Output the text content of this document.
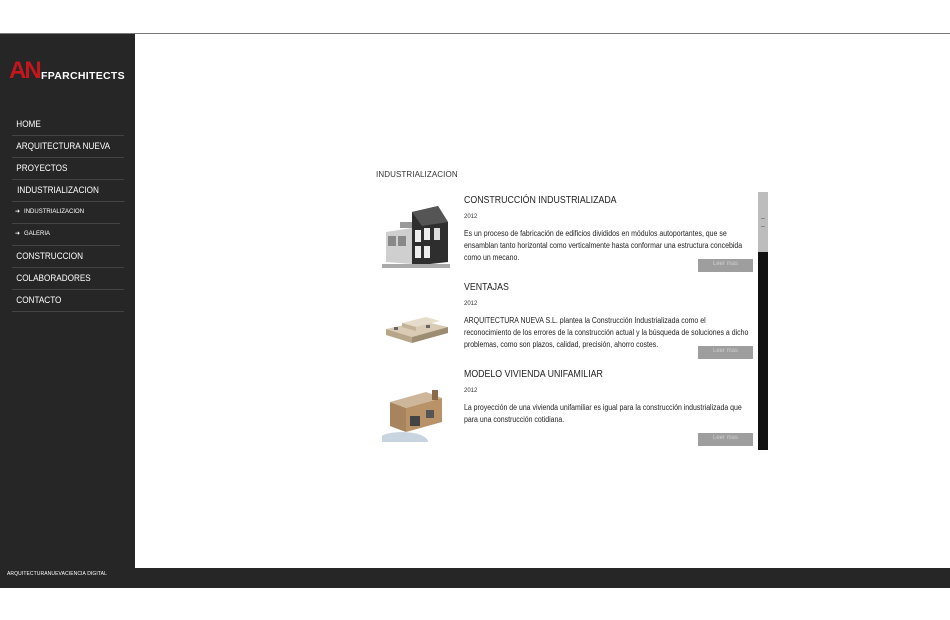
AN FPARCHITECTS
HOME
ARQUITECTURA NUEVA
PROYECTOS
INDUSTRIALIZACION
➜ INDUSTRIALIZACION
➜ GALERIA
CONSTRUCCION
COLABORADORES
CONTACTO
INDUSTRIALIZACION
CONSTRUCCIÓN INDUSTRIALIZADA
2012
Es un proceso de fabricación de edificios divididos en módulos autoportantes, que se ensamblan tanto horizontal como verticalmente hasta conformar una estructura concebida como un mecano.
Leer mas
VENTAJAS
2012
ARQUITECTURA NUEVA S.L. plantea la Construcción Industrializada como el reconocimiento de los errores de la construcción actual y la búsqueda de soluciones a dicho problemas, como son plazos, calidad, precisión, ahorro costes.
Leer mas
MODELO VIVIENDA UNIFAMILIAR
2012
La proyección de una vivienda unifamiliar es igual para la construcción industrializada que para una construcción cotidiana.
Leer mas
ARQUITECTURANUEVACIENCIA DIGITAL
